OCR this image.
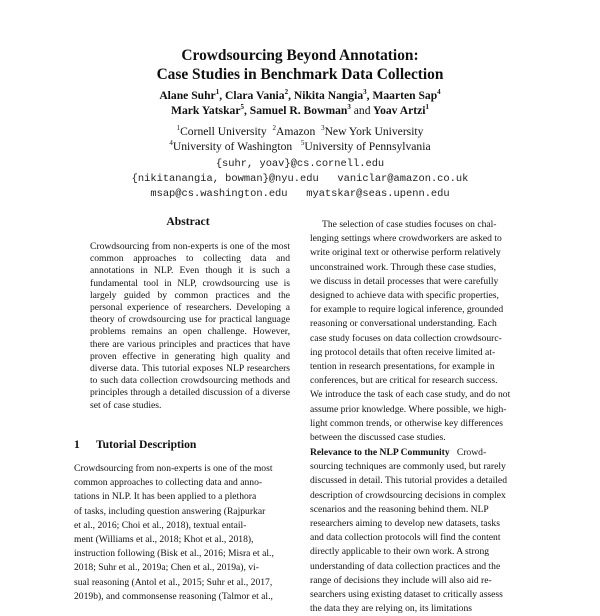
Crowdsourcing Beyond Annotation:
Case Studies in Benchmark Data Collection
Alane Suhr$^1$, Clara Vania$^2$, Nikita Nangia$^3$, Maarten Sap$^4$
Mark Yatskar$^5$, Samuel R. Bowman$^3$ and Yoav Artzi$^1$
$^1$Cornell University $^2$Amazon $^3$New York University
$^4$University of Washington $^5$University of Pennsylvania
{suhr, yoav}@cs.cornell.edu
{nikitanangia, bowman}@nyu.edu   vaniclar@amazon.co.uk
msap@cs.washington.edu   myatskar@seas.upenn.edu
Abstract
Crowdsourcing from non-experts is one of the most common approaches to collecting data and annotations in NLP. Even though it is such a fundamental tool in NLP, crowdsourcing use is largely guided by common practices and the personal experience of researchers. Developing a theory of crowdsourcing use for practical language problems remains an open challenge. However, there are various principles and practices that have proven effective in generating high quality and diverse data. This tutorial exposes NLP researchers to such data collection crowdsourcing methods and principles through a detailed discussion of a diverse set of case studies.
1 Tutorial Description
Crowdsourcing from non-experts is one of the most
common approaches to collecting data and anno-
tations in NLP. It has been applied to a plethora
of tasks, including question answering (Rajpurkar
et al., 2016; Choi et al., 2018), textual entail-
ment (Williams et al., 2018; Khot et al., 2018),
instruction following (Bisk et al., 2016; Misra et al.,
2018; Suhr et al., 2019a; Chen et al., 2019a), vi-
sual reasoning (Antol et al., 2015; Suhr et al., 2017,
2019b), and commonsense reasoning (Talmor et al.,
The selection of case studies focuses on chal-
lenging settings where crowdworkers are asked to
write original text or otherwise perform relatively
unconstrained work. Through these case studies,
we discuss in detail processes that were carefully
designed to achieve data with specific properties,
for example to require logical inference, grounded
reasoning or conversational understanding. Each
case study focuses on data collection crowdsourc-
ing protocol details that often receive limited at-
tention in research presentations, for example in
conferences, but are critical for research success.
We introduce the task of each case study, and do not
assume prior knowledge. Where possible, we high-
light common trends, or otherwise key differences
between the discussed case studies.
Relevance to the NLP Community Crowd-
sourcing techniques are commonly used, but rarely
discussed in detail. This tutorial provides a detailed
description of crowdsourcing decisions in complex
scenarios and the reasoning behind them. NLP
researchers aiming to develop new datasets, tasks
and data collection protocols will find the content
directly applicable to their own work. A strong
understanding of data collection practices and the
range of decisions they include will also aid re-
searchers using existing dataset to critically assess
the data they are relying on, its limitations
